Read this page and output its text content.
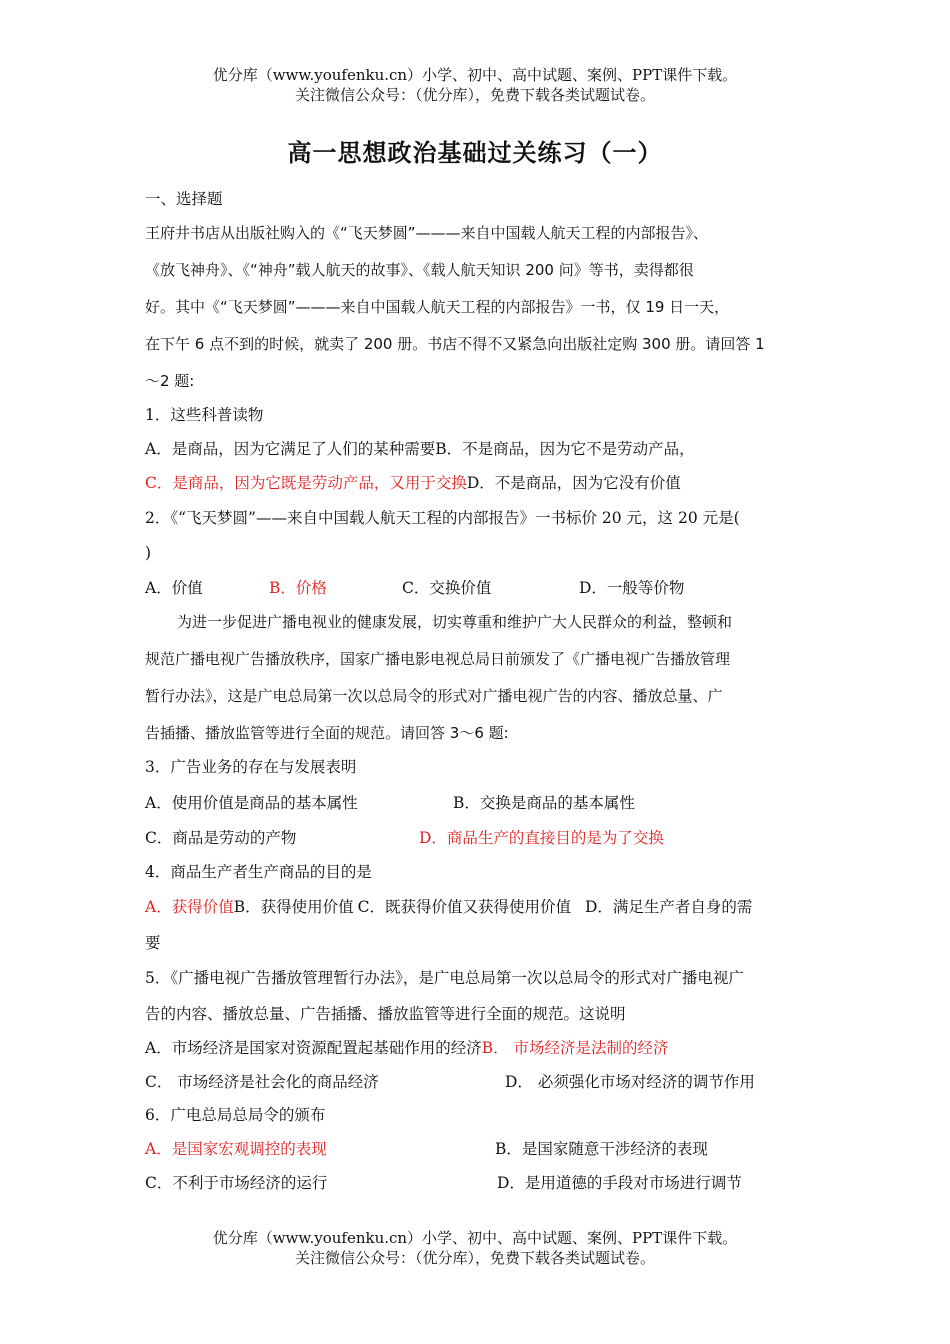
优分库（www.youfenku.cn）小学、初中、高中试题、案例、PPT课件下载。
关注微信公众号：（优分库），免费下载各类试题试卷。
高一思想政治基础过关练习（一）
一、选择题
王府井书店从出版社购入的《“飞天梦圆”———来自中国载人航天工程的内部报告》、
《放飞神舟》、《“神舟”载人航天的故事》、《载人航天知识 200 问》等书，卖得都很
好。其中《“飞天梦圆”———来自中国载人航天工程的内部报告》一书，仅 19 日一天，
在下午 6 点不到的时候，就卖了 200 册。书店不得不又紧急向出版社定购 300 册。请回答 1
～2 题:
1．这些科普读物
A．是商品，因为它满足了人们的某种需要B．不是商品，因为它不是劳动产品，
C．是商品，因为它既是劳动产品，又用于交换D．不是商品，因为它没有价值
2．《“飞天梦圆”——来自中国载人航天工程的内部报告》一书标价 20 元，这 20 元是(
)
A．价值	B．价格	C．交换价值	D．一般等价物
为进一步促进广播电视业的健康发展，切实尊重和维护广大人民群众的利益，整顿和
规范广播电视广告播放秩序，国家广播电影电视总局日前颁发了《广播电视广告播放管理
暂行办法》，这是广电总局第一次以总局令的形式对广播电视广告的内容、播放总量、广
告插播、播放监管等进行全面的规范。请回答 3～6 题:
3．广告业务的存在与发展表明
A．使用价值是商品的基本属性	B．交换是商品的基本属性
C．商品是劳动的产物	D．商品生产的直接目的是为了交换
4．商品生产者生产商品的目的是
A．获得价值B．获得使用价值 C．既获得价值又获得使用价值 D．满足生产者自身的需
要
5．《广播电视广告播放管理暂行办法》，是广电总局第一次以总局令的形式对广播电视广
告的内容、播放总量、广告插播、播放监管等进行全面的规范。这说明
A．市场经济是国家对资源配置起基础作用的经济B． 市场经济是法制的经济
C． 市场经济是社会化的商品经济	D． 必须强化市场对经济的调节作用
6．广电总局总局令的颁布
A．是国家宏观调控的表现	B．是国家随意干涉经济的表现
C．不利于市场经济的运行	D．是用道德的手段对市场进行调节
优分库（www.youfenku.cn）小学、初中、高中试题、案例、PPT课件下载。
关注微信公众号：（优分库），免费下载各类试题试卷。
